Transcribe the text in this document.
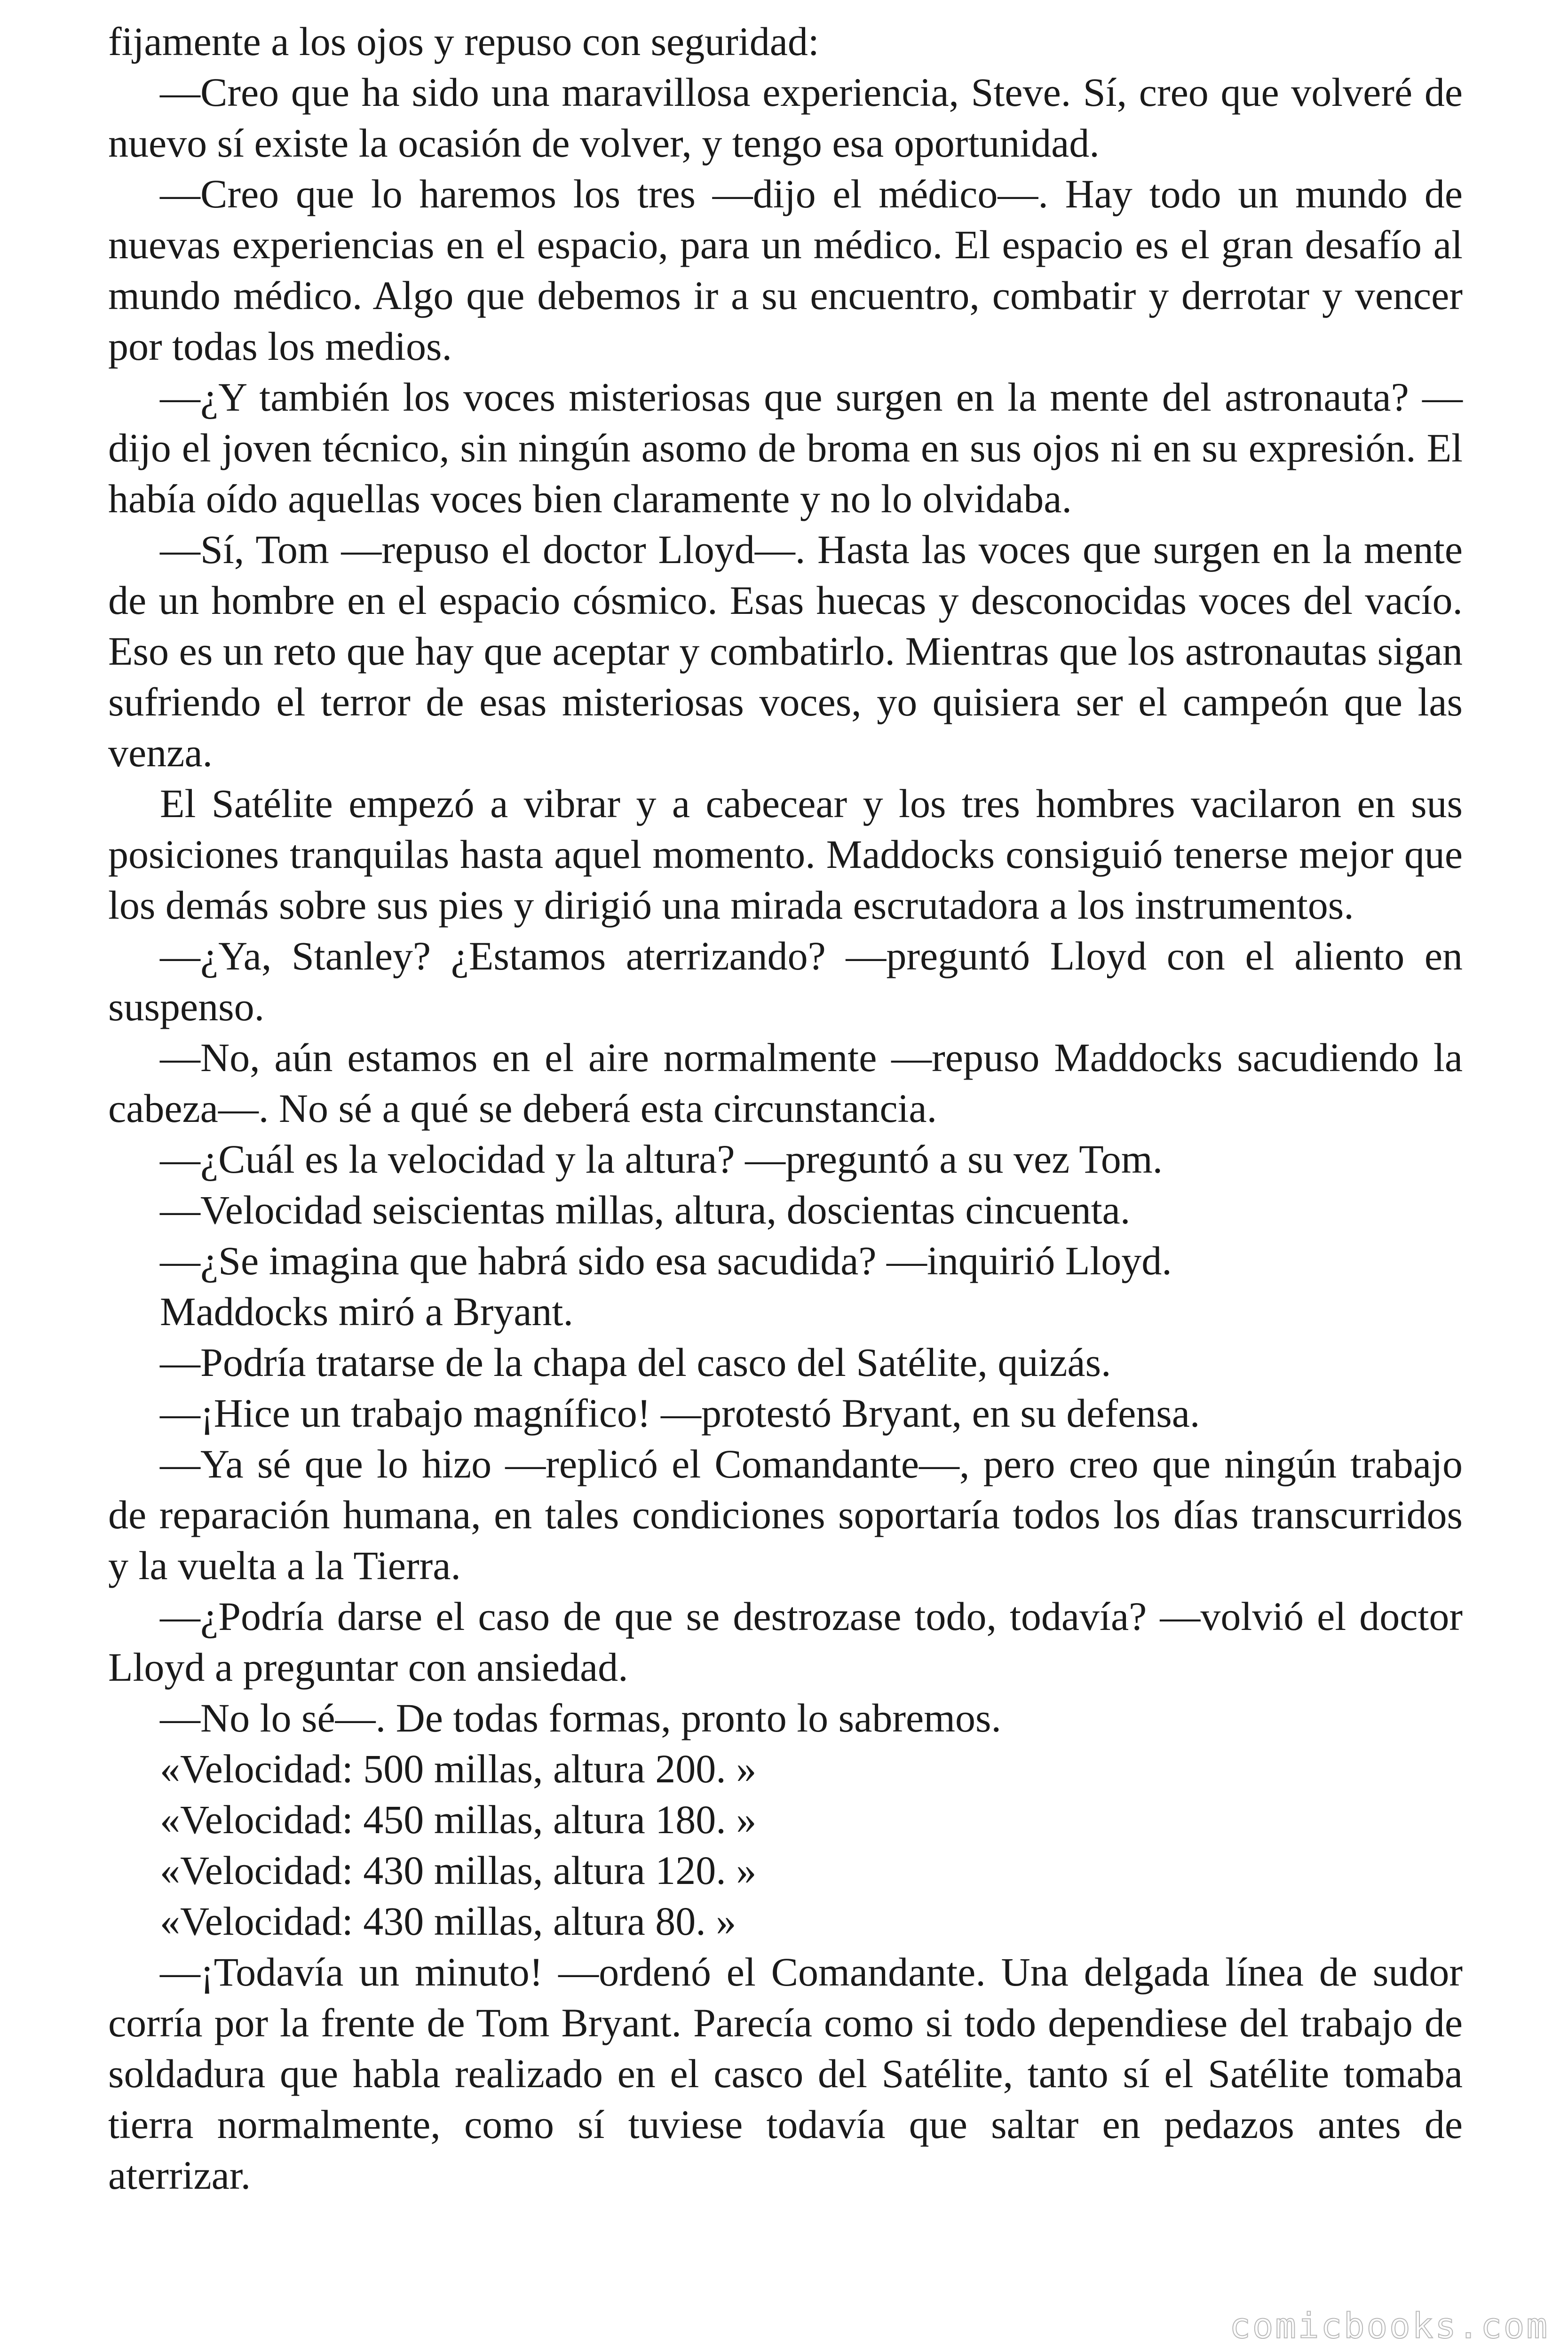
fijamente a los ojos y repuso con seguridad:

—Creo que ha sido una maravillosa experiencia, Steve. Sí, creo que volveré de nuevo sí existe la ocasión de volver, y tengo esa oportunidad.

—Creo que lo haremos los tres —dijo el médico—. Hay todo un mundo de nuevas experiencias en el espacio, para un médico. El espacio es el gran desafío al mundo médico. Algo que debemos ir a su encuentro, combatir y derrotar y vencer por todas los medios.

—¿Y también los voces misteriosas que surgen en la mente del astronauta? —dijo el joven técnico, sin ningún asomo de broma en sus ojos ni en su expresión. El había oído aquellas voces bien claramente y no lo olvidaba.

—Sí, Tom —repuso el doctor Lloyd—. Hasta las voces que surgen en la mente de un hombre en el espacio cósmico. Esas huecas y desconocidas voces del vacío. Eso es un reto que hay que aceptar y combatirlo. Mientras que los astronautas sigan sufriendo el terror de esas misteriosas voces, yo quisiera ser el campeón que las venza.

El Satélite empezó a vibrar y a cabecear y los tres hombres vacilaron en sus posiciones tranquilas hasta aquel momento. Maddocks consiguió tenerse mejor que los demás sobre sus pies y dirigió una mirada escrutadora a los instrumentos.

—¿Ya, Stanley? ¿Estamos aterrizando? —preguntó Lloyd con el aliento en suspenso.

—No, aún estamos en el aire normalmente —repuso Maddocks sacudiendo la cabeza—. No sé a qué se deberá esta circunstancia.

—¿Cuál es la velocidad y la altura? —preguntó a su vez Tom.

—Velocidad seiscientas millas, altura, doscientas cincuenta.

—¿Se imagina que habrá sido esa sacudida? —inquirió Lloyd.

Maddocks miró a Bryant.

—Podría tratarse de la chapa del casco del Satélite, quizás.

—¡Hice un trabajo magnífico! —protestó Bryant, en su defensa.

—Ya sé que lo hizo —replicó el Comandante—, pero creo que ningún trabajo de reparación humana, en tales condiciones soportaría todos los días transcurridos y la vuelta a la Tierra.

—¿Podría darse el caso de que se destrozase todo, todavía? —volvió el doctor Lloyd a preguntar con ansiedad.

—No lo sé—. De todas formas, pronto lo sabremos.

«Velocidad: 500 millas, altura 200. »

«Velocidad: 450 millas, altura 180. »

«Velocidad: 430 millas, altura 120. »

«Velocidad: 430 millas, altura 80. »

—¡Todavía un minuto! —ordenó el Comandante. Una delgada línea de sudor corría por la frente de Tom Bryant. Parecía como si todo dependiese del trabajo de soldadura que habla realizado en el casco del Satélite, tanto sí el Satélite tomaba tierra normalmente, como sí tuviese todavía que saltar en pedazos antes de aterrizar.

comicbooks.com
